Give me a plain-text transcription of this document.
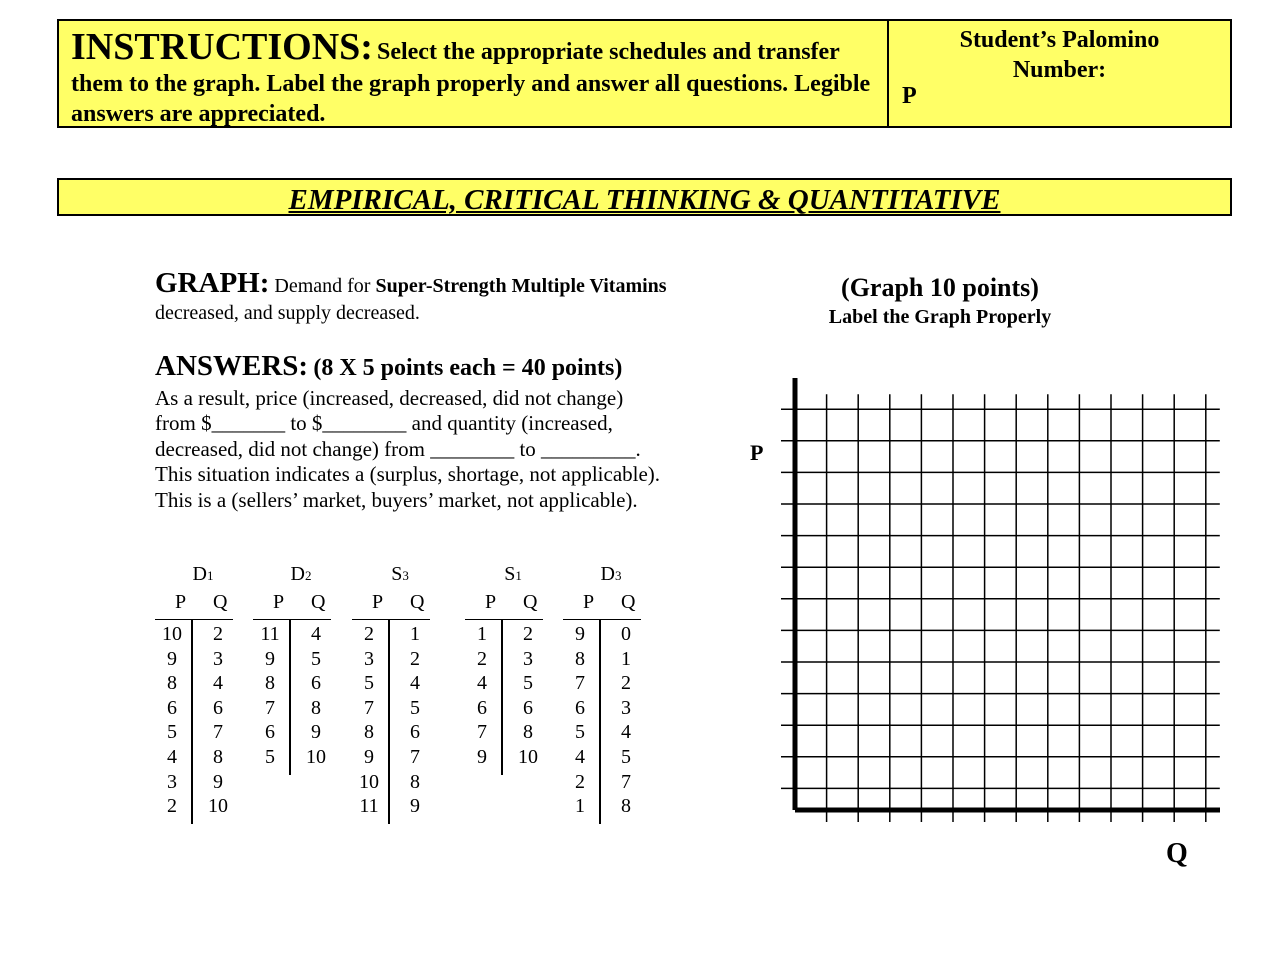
INSTRUCTIONS: Select the appropriate schedules and transfer them to the graph. Label the graph properly and answer all questions. Legible answers are appreciated.
Student’s Palomino
Number:
P
EMPIRICAL, CRITICAL THINKING & QUANTITATIVE
GRAPH: Demand for Super-Strength Multiple Vitamins decreased, and supply decreased.
(Graph 10 points)
Label the Graph Properly
ANSWERS: (8 X 5 points each = 40 points)
As a result, price (increased, decreased, did not change)
from $_______ to $________ and quantity (increased,
decreased, did not change) from ________ to _________.
This situation indicates a (surplus, shortage, not applicable).
This is a (sellers’ market, buyers’ market, not applicable).
D1
P Q
10
9
8
6
5
4
3
2
2
3
4
6
7
8
9
10
D2
P Q
11
9
8
7
6
5
4
5
6
8
9
10
S3
P Q
2
3
5
7
8
9
10
11
1
2
4
5
6
7
8
9
S1
P Q
1
2
4
6
7
9
2
3
5
6
8
10
D3
P Q
9
8
7
6
5
4
2
1
0
1
2
3
4
5
7
8
P
Q
